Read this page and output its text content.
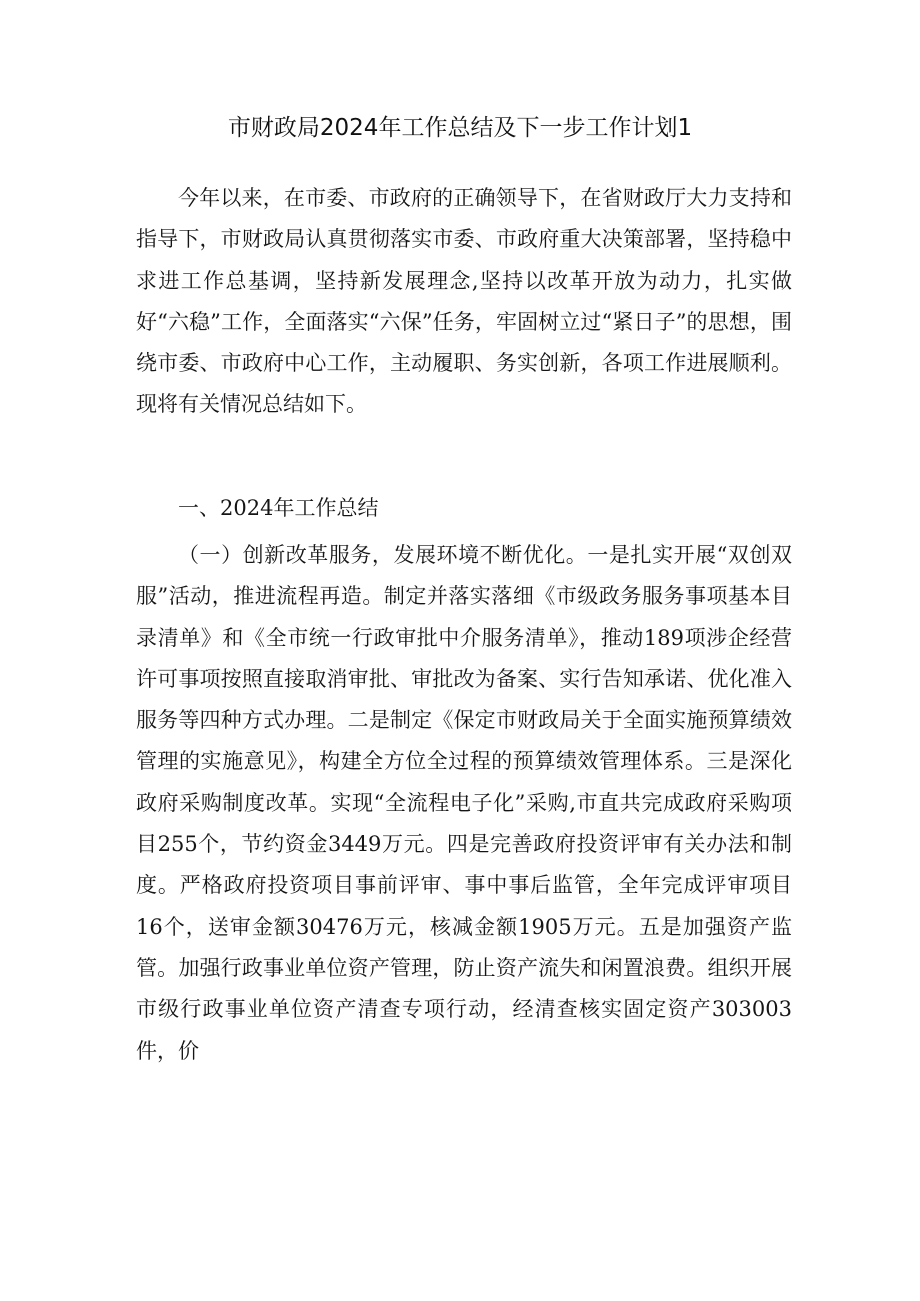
市财政局2024年工作总结及下一步工作计划1

今年以来，在市委、市政府的正确领导下，在省财政厅大力支持和指导下，市财政局认真贯彻落实市委、市政府重大决策部署，坚持稳中求进工作总基调，坚持新发展理念,坚持以改革开放为动力，扎实做好“六稳”工作，全面落实“六保”任务，牢固树立过“紧日子”的思想，围绕市委、市政府中心工作，主动履职、务实创新，各项工作进展顺利。现将有关情况总结如下。

一、2024年工作总结

（一）创新改革服务，发展环境不断优化。一是扎实开展“双创双服”活动，推进流程再造。制定并落实落细《市级政务服务事项基本目录清单》和《全市统一行政审批中介服务清单》，推动189项涉企经营许可事项按照直接取消审批、审批改为备案、实行告知承诺、优化准入服务等四种方式办理。二是制定《保定市财政局关于全面实施预算绩效管理的实施意见》，构建全方位全过程的预算绩效管理体系。三是深化政府采购制度改革。实现“全流程电子化”采购,市直共完成政府采购项目255个，节约资金3449万元。四是完善政府投资评审有关办法和制度。严格政府投资项目事前评审、事中事后监管，全年完成评审项目16个，送审金额30476万元，核减金额1905万元。五是加强资产监管。加强行政事业单位资产管理，防止资产流失和闲置浪费。组织开展市级行政事业单位资产清查专项行动，经清查核实固定资产303003件，价
